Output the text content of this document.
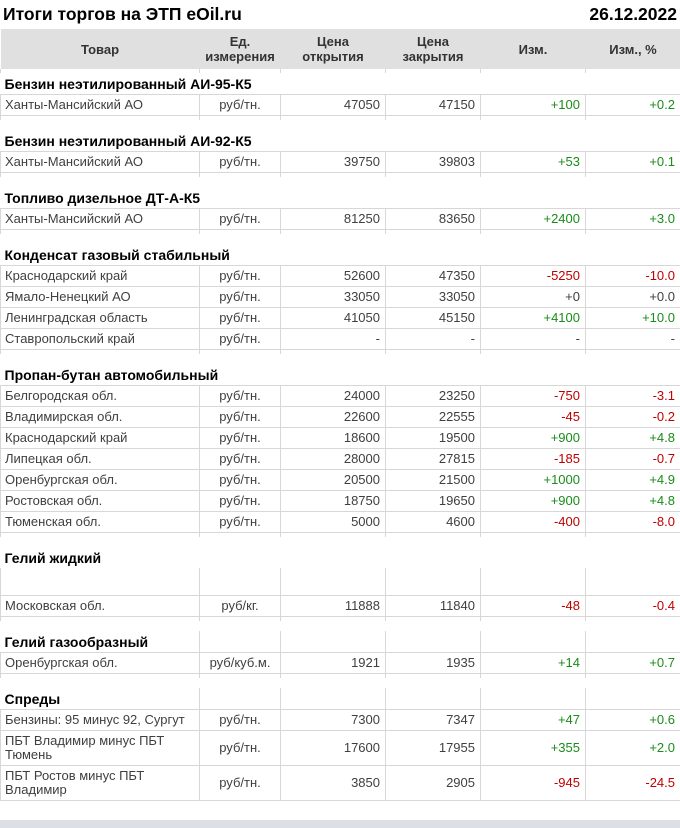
Итоги торгов на ЭТП eOil.ru	26.12.2022
Товар	Ед. измерения	Цена открытия	Цена закрытия	Изм.	Изм., %

Бензин неэтилированный АИ-95-К5					
Ханты-Мансийский АО	руб/тн.	47050	47150	+100	+0.2

Бензин неэтилированный АИ-92-К5					
Ханты-Мансийский АО	руб/тн.	39750	39803	+53	+0.1

Топливо дизельное ДТ-А-К5					
Ханты-Мансийский АО	руб/тн.	81250	83650	+2400	+3.0

Конденсат газовый стабильный					
Краснодарский край	руб/тн.	52600	47350	-5250	-10.0
Ямало-Ненецкий АО	руб/тн.	33050	33050	+0	+0.0
Ленинградская область	руб/тн.	41050	45150	+4100	+10.0
Ставропольский край	руб/тн.	-	-	-	-

Пропан-бутан автомобильный					
Белгородская обл.	руб/тн.	24000	23250	-750	-3.1
Владимирская обл.	руб/тн.	22600	22555	-45	-0.2
Краснодарский край	руб/тн.	18600	19500	+900	+4.8
Липецкая обл.	руб/тн.	28000	27815	-185	-0.7
Оренбургская обл.	руб/тн.	20500	21500	+1000	+4.9
Ростовская обл.	руб/тн.	18750	19650	+900	+4.8
Тюменская обл.	руб/тн.	5000	4600	-400	-8.0

Гелий жидкий					

Московская обл.	руб/кг.	11888	11840	-48	-0.4

Гелий газообразный					
Оренбургская обл.	руб/куб.м.	1921	1935	+14	+0.7

Спреды					
Бензины: 95 минус 92, Сургут	руб/тн.	7300	7347	+47	+0.6
ПБТ Владимир минус ПБТ Тюмень	руб/тн.	17600	17955	+355	+2.0
ПБТ Ростов минус ПБТ Владимир	руб/тн.	3850	2905	-945	-24.5
